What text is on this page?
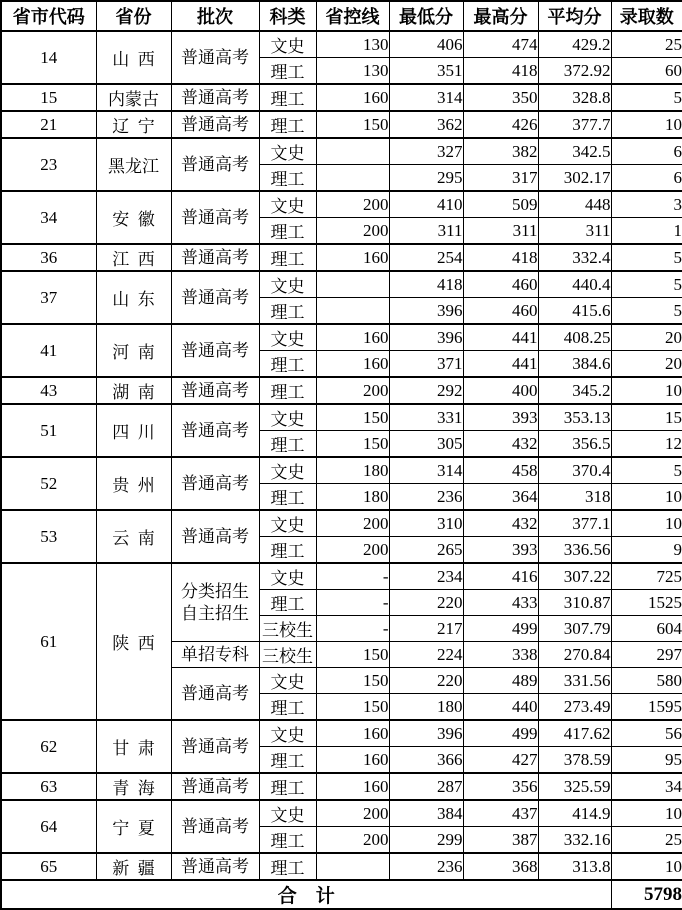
省市代码	省份	批次	科类	省控线	最低分	最高分	平均分	录取数
14	山西	普通高考	文史	130	406	474	429.2	25
			理工	130	351	418	372.92	60
15	内蒙古	普通高考	理工	160	314	350	328.8	5
21	辽宁	普通高考	理工	150	362	426	377.7	10
23	黑龙江	普通高考	文史		327	382	342.5	6
			理工		295	317	302.17	6
34	安徽	普通高考	文史	200	410	509	448	3
			理工	200	311	311	311	1
36	江西	普通高考	理工	160	254	418	332.4	5
37	山东	普通高考	文史		418	460	440.4	5
			理工		396	460	415.6	5
41	河南	普通高考	文史	160	396	441	408.25	20
			理工	160	371	441	384.6	20
43	湖南	普通高考	理工	200	292	400	345.2	10
51	四川	普通高考	文史	150	331	393	353.13	15
			理工	150	305	432	356.5	12
52	贵州	普通高考	文史	180	314	458	370.4	5
			理工	180	236	364	318	10
53	云南	普通高考	文史	200	310	432	377.1	10
			理工	200	265	393	336.56	9
61	陕西	分类招生
自主招生	文史	-	234	416	307.22	725
			理工	-	220	433	310.87	1525
			三校生	-	217	499	307.79	604
		单招专科	三校生	150	224	338	270.84	297
		普通高考	文史	150	220	489	331.56	580
			理工	150	180	440	273.49	1595
62	甘肃	普通高考	文史	160	396	499	417.62	56
			理工	160	366	427	378.59	95
63	青海	普通高考	理工	160	287	356	325.59	34
64	宁夏	普通高考	文史	200	384	437	414.9	10
			理工	200	299	387	332.16	25
65	新疆	普通高考	理工		236	368	313.8	10
合　计								5798
